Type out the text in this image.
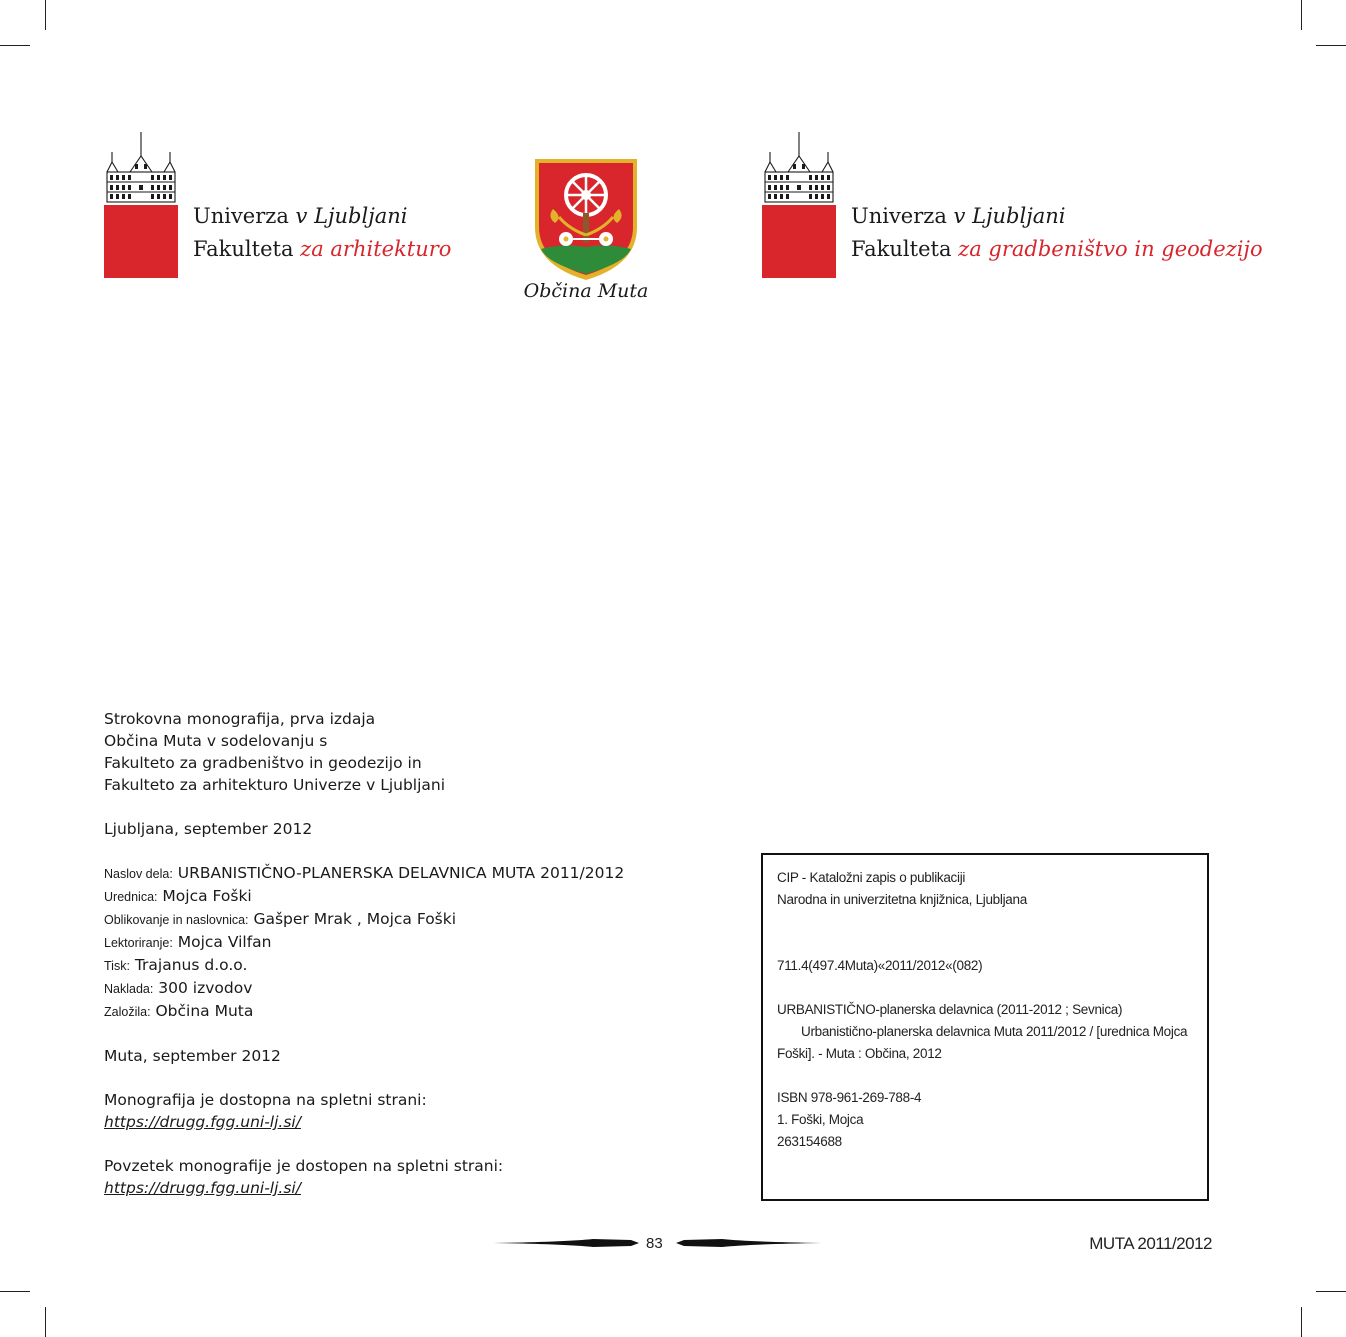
Univerza v Ljubljani
Fakulteta za arhitekturo
Občina Muta
Univerza v Ljubljani
Fakulteta za gradbeništvo in geodezijo
Strokovna monografija, prva izdaja
Občina Muta v sodelovanju s
Fakulteto za gradbeništvo in geodezijo in
Fakulteto za arhitekturo Univerze v Ljubljani
Ljubljana, september 2012
Naslov dela: URBANISTIČNO-PLANERSKA DELAVNICA MUTA 2011/2012
Urednica: Mojca Foški
Oblikovanje in naslovnica: Gašper Mrak , Mojca Foški
Lektoriranje: Mojca Vilfan
Tisk: Trajanus d.o.o.
Naklada: 300 izvodov
Založila: Občina Muta
Muta, september 2012
Monografija je dostopna na spletni strani:
https://drugg.fgg.uni-lj.si/
Povzetek monografije je dostopen na spletni strani:
https://drugg.fgg.uni-lj.si/
CIP - Kataložni zapis o publikaciji
Narodna in univerzitetna knjižnica, Ljubljana
711.4(497.4Muta)«2011/2012«(082)
URBANISTIČNO-planerska delavnica (2011-2012 ; Sevnica)
Urbanistično-planerska delavnica Muta 2011/2012 / [urednica Mojca
Foški]. - Muta : Občina, 2012
ISBN 978-961-269-788-4
1. Foški, Mojca
263154688
83	MUTA 2011/2012
